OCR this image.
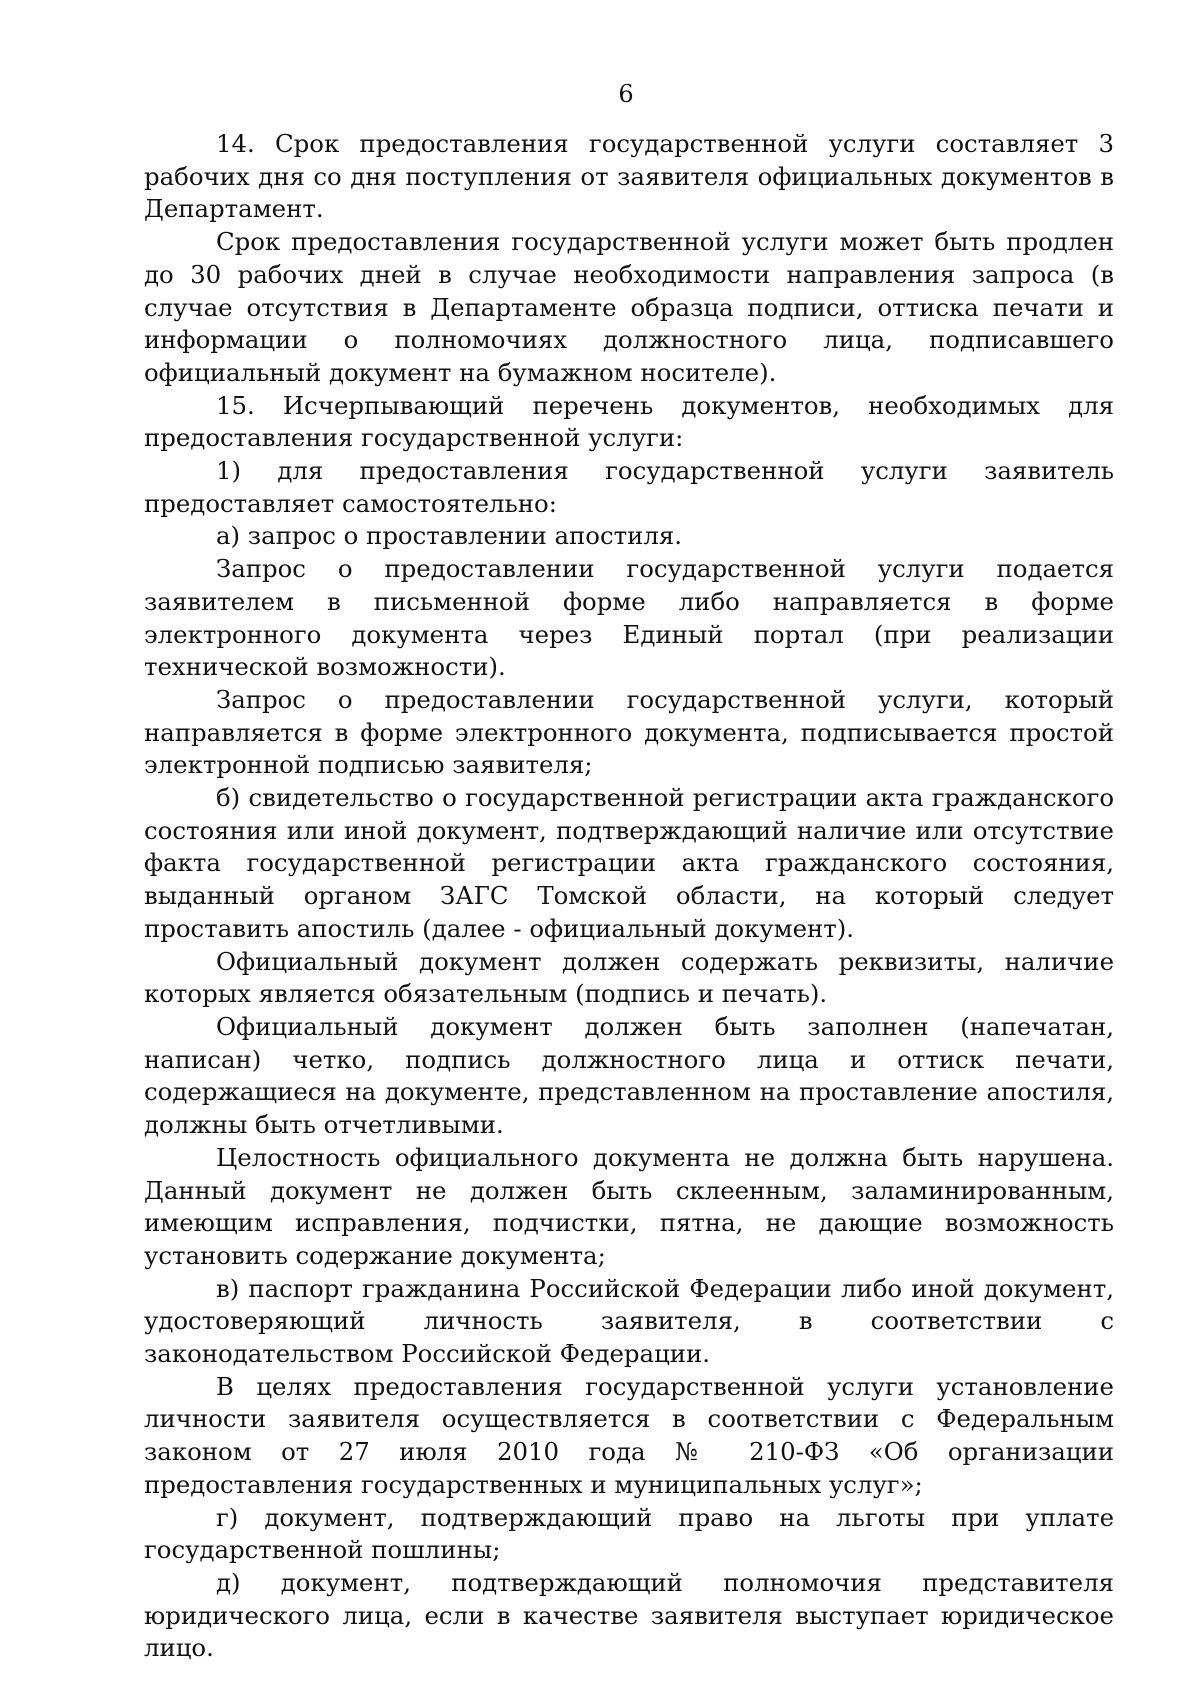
6

14. Срок предоставления государственной услуги составляет 3 рабочих дня со дня поступления от заявителя официальных документов в Департамент.

Срок предоставления государственной услуги может быть продлен до 30 рабочих дней в случае необходимости направления запроса (в случае отсутствия в Департаменте образца подписи, оттиска печати и информации о полномочиях должностного лица, подписавшего официальный документ на бумажном носителе).

15. Исчерпывающий перечень документов, необходимых для предоставления государственной услуги:

1) для предоставления государственной услуги заявитель предоставляет самостоятельно:

а) запрос о проставлении апостиля.

Запрос о предоставлении государственной услуги подается заявителем в письменной форме либо направляется в форме электронного документа через Единый портал (при реализации технической возможности).

Запрос о предоставлении государственной услуги, который направляется в форме электронного документа, подписывается простой электронной подписью заявителя;

б) свидетельство о государственной регистрации акта гражданского состояния или иной документ, подтверждающий наличие или отсутствие факта государственной регистрации акта гражданского состояния, выданный органом ЗАГС Томской области, на который следует проставить апостиль (далее - официальный документ).

Официальный документ должен содержать реквизиты, наличие которых является обязательным (подпись и печать).

Официальный документ должен быть заполнен (напечатан, написан) четко, подпись должностного лица и оттиск печати, содержащиеся на документе, представленном на проставление апостиля, должны быть отчетливыми.

Целостность официального документа не должна быть нарушена. Данный документ не должен быть склеенным, заламинированным, имеющим исправления, подчистки, пятна, не дающие возможность установить содержание документа;

в) паспорт гражданина Российской Федерации либо иной документ, удостоверяющий личность заявителя, в соответствии с законодательством Российской Федерации.

В целях предоставления государственной услуги установление личности заявителя осуществляется в соответствии с Федеральным законом от 27 июля 2010 года № 210-ФЗ «Об организации предоставления государственных и муниципальных услуг»;

г) документ, подтверждающий право на льготы при уплате государственной пошлины;

д) документ, подтверждающий полномочия представителя юридического лица, если в качестве заявителя выступает юридическое лицо.
